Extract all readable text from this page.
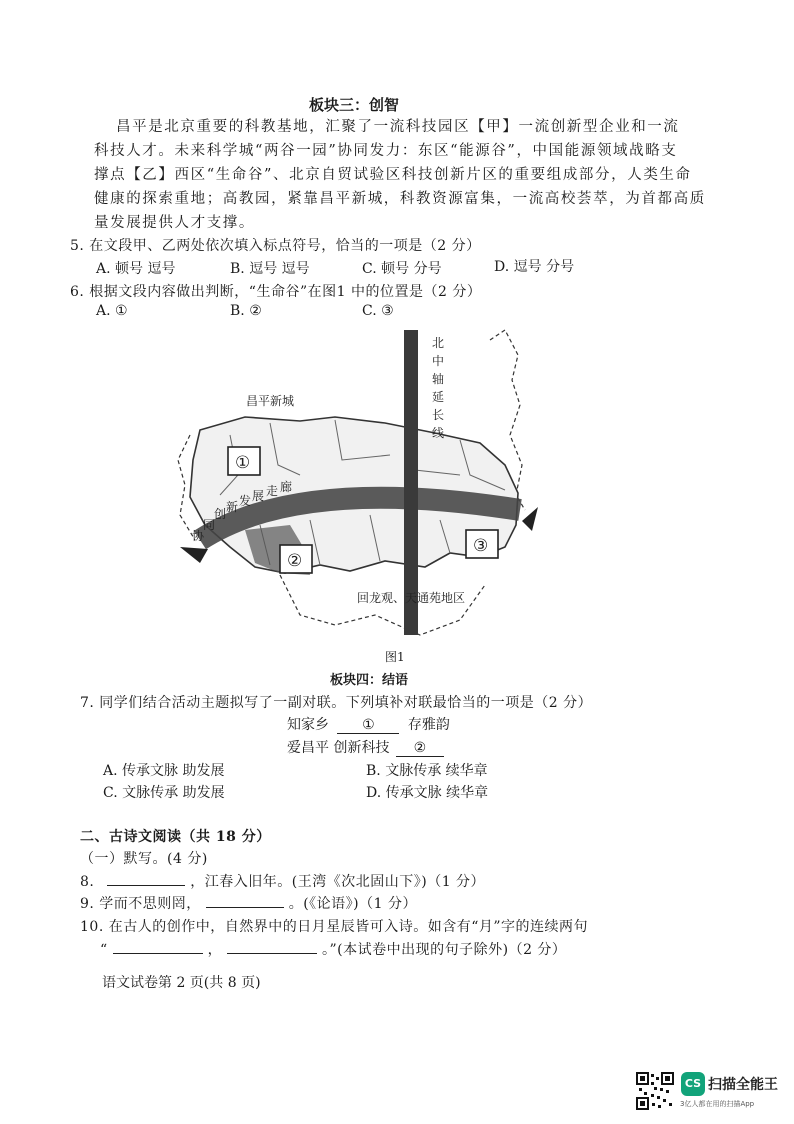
板块三：创智
昌平是北京重要的科教基地，汇聚了一流科技园区【甲】一流创新型企业和一流
科技人才。未来科学城“两谷一园”协同发力：东区“能源谷”，中国能源领域战略支
撑点【乙】西区“生命谷”、北京自贸试验区科技创新片区的重要组成部分，人类生命
健康的探索重地；高教园，紧靠昌平新城，科教资源富集，一流高校荟萃，为首都高质
量发展提供人才支撑。
5. 在文段甲、乙两处依次填入标点符号，恰当的一项是（2 分）
A. 顿号 逗号	B. 逗号 逗号	C. 顿号 分号	D. 逗号 分号
6. 根据文段内容做出判断，“生命谷”在图1 中的位置是（2 分）
A. ①	B. ②	C. ③
北
中
轴
延
长
线
昌平新城
协
同
创 新 发 展 走 廊
①
②
③
回龙观、天通苑地区
图1
板块四：结语
7. 同学们结合活动主题拟写了一副对联。下列填补对联最恰当的一项是（2 分）
知家乡 ① 存雅韵
爱昌平 创新科技 ②
A. 传承文脉 助发展	B. 文脉传承 续华章
C. 文脉传承 助发展	D. 传承文脉 续华章
二、古诗文阅读（共 18 分）
（一）默写。(4 分)
8.	，江春入旧年。(王湾《次北固山下》)（1 分）
9. 学而不思则罔，	。(《论语》)（1 分）
10. 在古人的创作中，自然界中的日月星辰皆可入诗。如含有“月”字的连续两句
“	，	。”(本试卷中出现的句子除外)（2 分）
语文试卷第 2 页(共 8 页)
CS 扫描全能王
3亿人都在用的扫描App
